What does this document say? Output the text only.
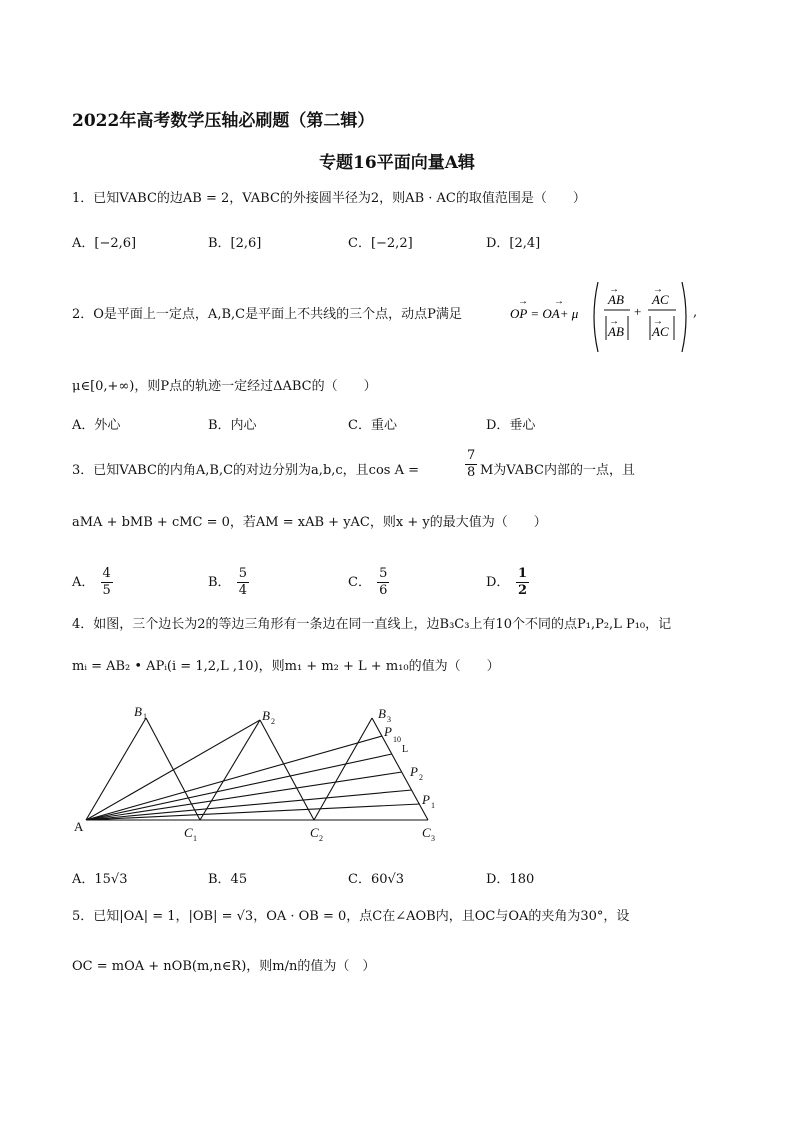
2022年高考数学压轴必刷题（第二辑）
专题16平面向量A辑
1．已知VABC的边AB = 2，VABC的外接圆半径为2，则AB · AC的取值范围是（　　）
A．[−2,6]	B．[2,6]	C．[−2,2]	D．[2,4]
2．O是平面上一定点，A,B,C是平面上不共线的三个点，动点P满足	OP = OA+ μ
→	→
→
AB
→
AB
+
→
AC
→
AC
,
μ∈[0,+∞)，则P点的轨迹一定经过ΔABC的（　　）
A．外心	B．内心	C．重心	D．垂心
3．已知VABC的内角A,B,C的对边分别为a,b,c，且cos A =	$\frac{7}{8}$ M为VABC内部的一点，且
aMA + bMB + cMC = 0，若AM = xAB + yAC，则x + y的最大值为（　　）
A． $\frac{4}{5}$	B． $\frac{5}{4}$	C． $\frac{5}{6}$	D． $\frac{1}{2}$
4．如图，三个边长为2的等边三角形有一条边在同一直线上，边B₃C₃上有10个不同的点P₁,P₂,L P₁₀，记
mᵢ = AB₂ • APᵢ(i = 1,2,L ,10)，则m₁ + m₂ + L + m₁₀的值为（　　）
A
B 1	B 2
B 3
P
10
L
P 2
P 1
C 1	C 2	C 3
A．15√3	B．45	C．60√3	D．180
5．已知|OA| = 1，|OB| = √3，OA · OB = 0，点C在∠AOB内，且OC与OA的夹角为30°，设
OC = mOA + nOB(m,n∈R)，则m/n的值为（　）
